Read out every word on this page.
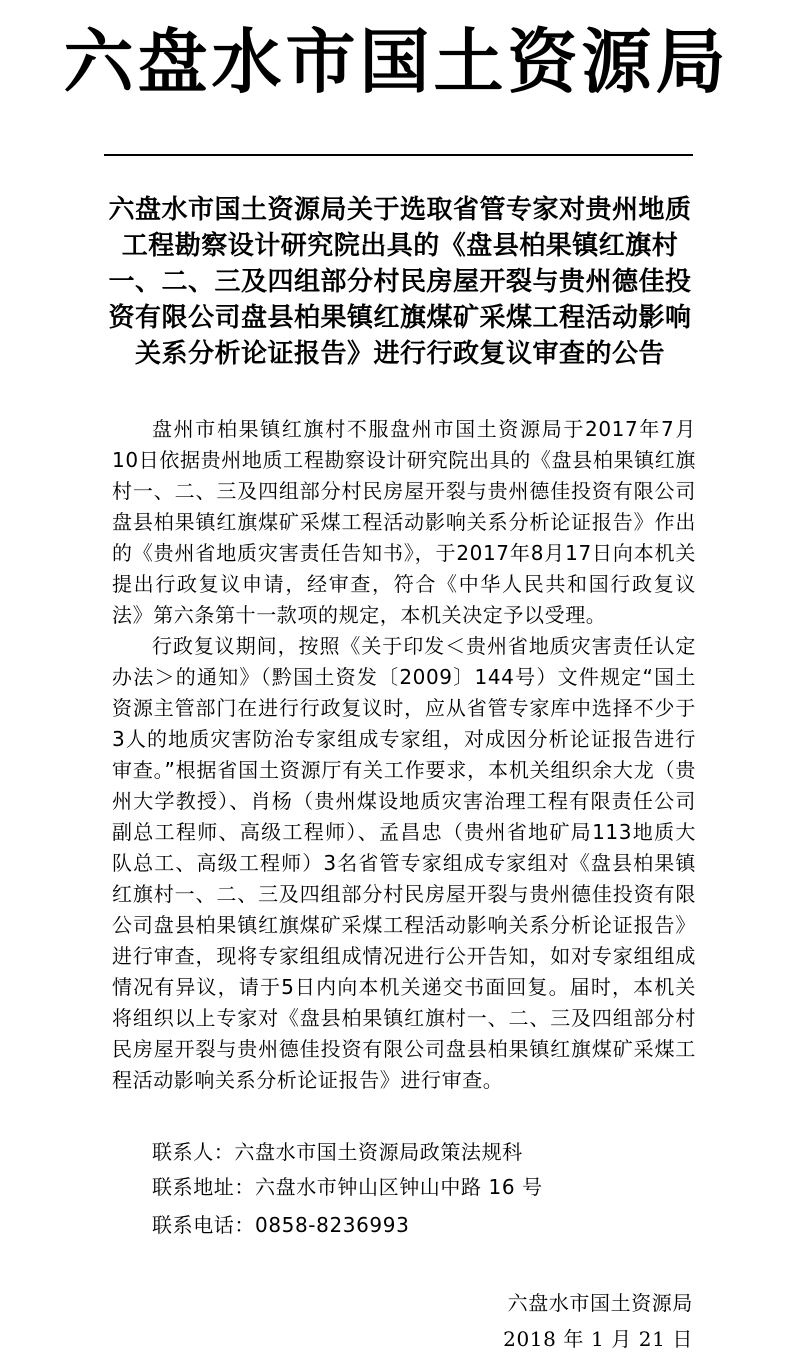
六盘水市国土资源局
六盘水市国土资源局关于选取省管专家对贵州地质工程勘察设计研究院出具的《盘县柏果镇红旗村一、二、三及四组部分村民房屋开裂与贵州德佳投资有限公司盘县柏果镇红旗煤矿采煤工程活动影响关系分析论证报告》进行行政复议审查的公告

盘州市柏果镇红旗村不服盘州市国土资源局于2017年7月10日依据贵州地质工程勘察设计研究院出具的《盘县柏果镇红旗村一、二、三及四组部分村民房屋开裂与贵州德佳投资有限公司盘县柏果镇红旗煤矿采煤工程活动影响关系分析论证报告》作出的《贵州省地质灾害责任告知书》，于2017年8月17日向本机关提出行政复议申请，经审查，符合《中华人民共和国行政复议法》第六条第十一款项的规定，本机关决定予以受理。

行政复议期间，按照《关于印发＜贵州省地质灾害责任认定办法＞的通知》（黔国土资发〔2009〕144号）文件规定“国土资源主管部门在进行行政复议时，应从省管专家库中选择不少于3人的地质灾害防治专家组成专家组，对成因分析论证报告进行审查。”根据省国土资源厅有关工作要求，本机关组织余大龙（贵州大学教授）、肖杨（贵州煤设地质灾害治理工程有限责任公司副总工程师、高级工程师）、孟昌忠（贵州省地矿局113地质大队总工、高级工程师）3名省管专家组成专家组对《盘县柏果镇红旗村一、二、三及四组部分村民房屋开裂与贵州德佳投资有限公司盘县柏果镇红旗煤矿采煤工程活动影响关系分析论证报告》进行审查，现将专家组组成情况进行公开告知，如对专家组组成情况有异议，请于5日内向本机关递交书面回复。届时，本机关将组织以上专家对《盘县柏果镇红旗村一、二、三及四组部分村民房屋开裂与贵州德佳投资有限公司盘县柏果镇红旗煤矿采煤工程活动影响关系分析论证报告》进行审查。

联系人：六盘水市国土资源局政策法规科
联系地址：六盘水市钟山区钟山中路 16 号
联系电话：0858-8236993
六盘水市国土资源局
2018 年 1 月 21 日
